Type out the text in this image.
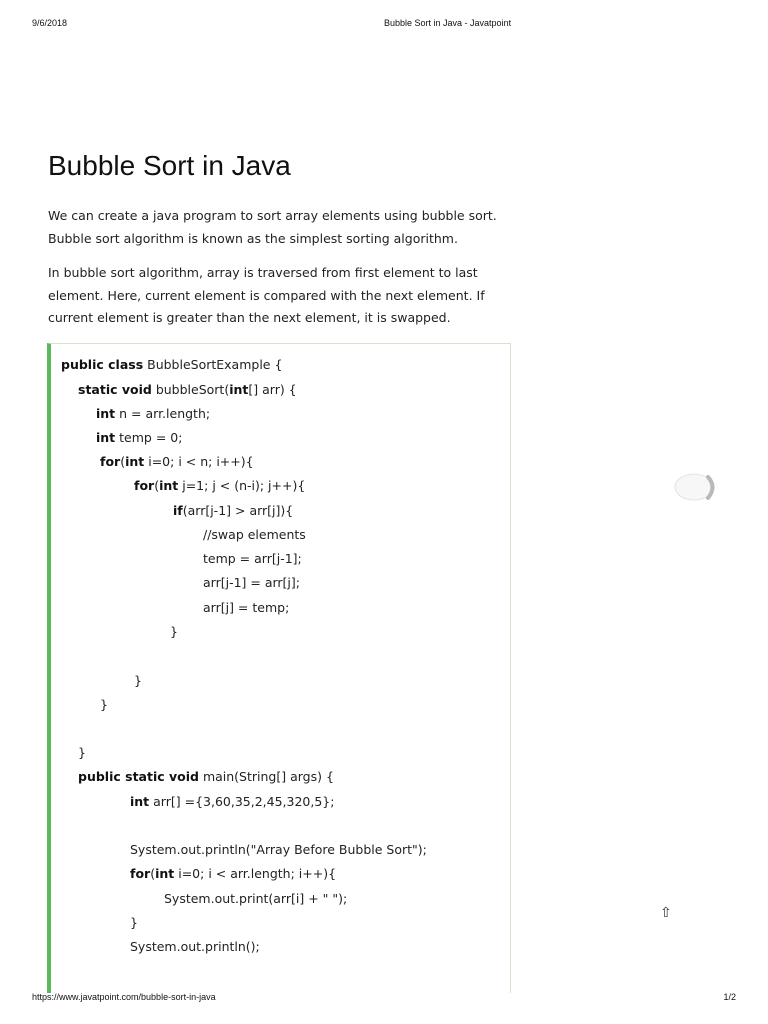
9/6/2018	Bubble Sort in Java - Javatpoint
Bubble Sort in Java

We can create a java program to sort array elements using bubble sort. Bubble sort algorithm is known as the simplest sorting algorithm.

In bubble sort algorithm, array is traversed from first element to last element. Here, current element is compared with the next element. If current element is greater than the next element, it is swapped.

public class BubbleSortExample {
static void bubbleSort(int[] arr) {
int n = arr.length;
int temp = 0;
for(int i=0; i < n; i++){
for(int j=1; j < (n-i); j++){
if(arr[j-1] > arr[j]){
//swap elements
temp = arr[j-1];
arr[j-1] = arr[j];
arr[j] = temp;
}
}
}
}
public static void main(String[] args) {
int arr[] ={3,60,35,2,45,320,5};
System.out.println("Array Before Bubble Sort");
for(int i=0; i < arr.length; i++){
System.out.print(arr[i] + " ");
}
System.out.println();
⇧
https://www.javatpoint.com/bubble-sort-in-java	1/2
